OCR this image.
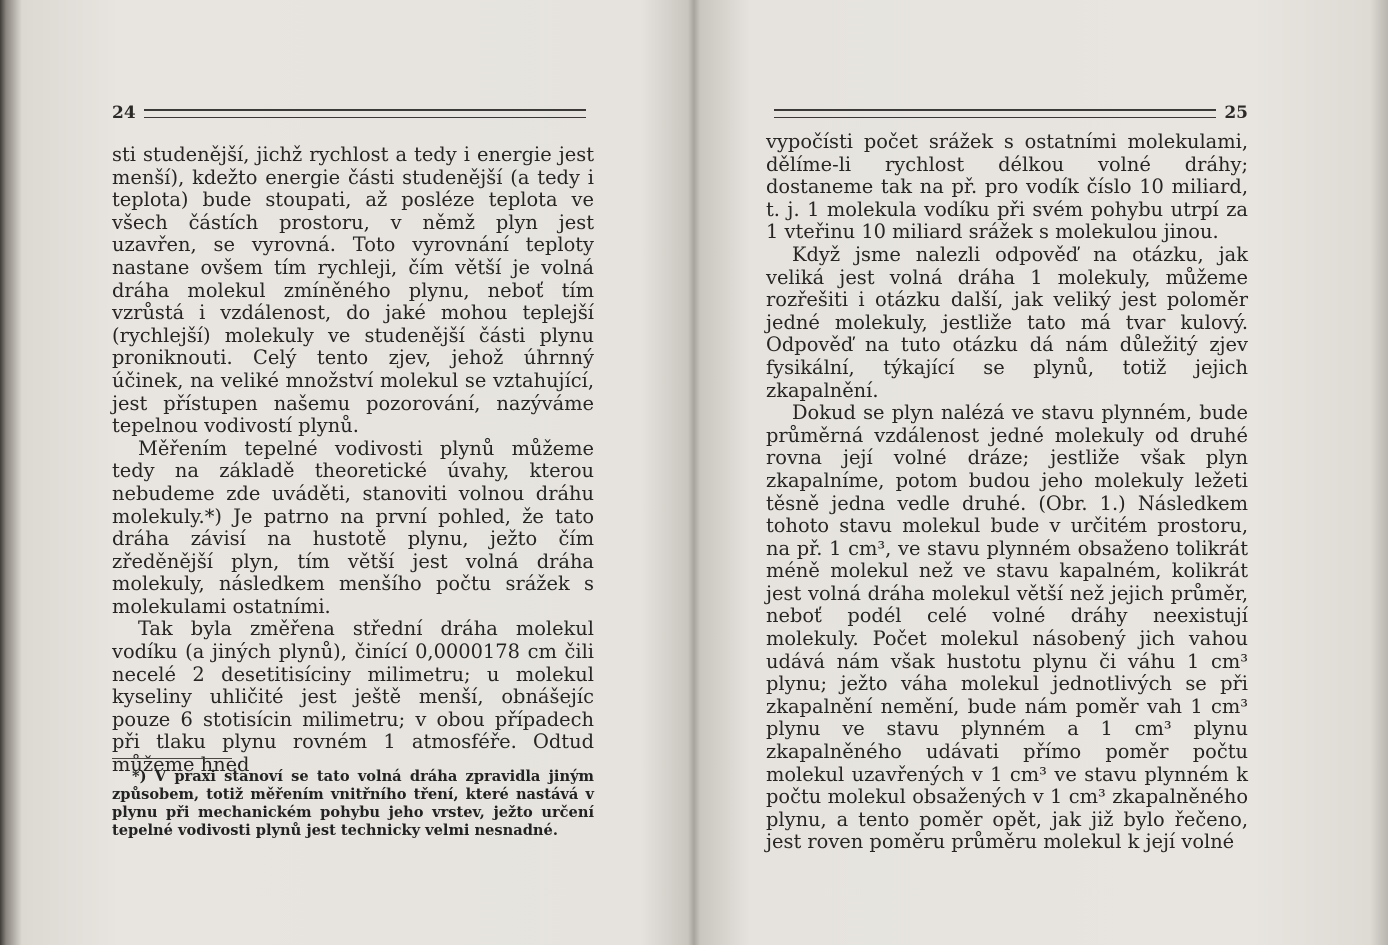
24

sti studenější, jichž rychlost a tedy i energie jest menší), kdežto energie části studenější (a tedy i teplota) bude stoupati, až posléze teplota ve všech částích prostoru, v němž plyn jest uzavřen, se vyrovná. Toto vyrovnání teploty nastane ovšem tím rychleji, čím větší je volná dráha molekul zmíněného plynu, neboť tím vzrůstá i vzdálenost, do jaké mohou teplejší (rychlejší) molekuly ve studenější části plynu proniknouti. Celý tento zjev, jehož úhrnný účinek, na veliké množství molekul se vztahující, jest přístupen našemu pozorování, nazýváme tepelnou vodivostí plynů.

Měřením tepelné vodivosti plynů můžeme tedy na základě theoretické úvahy, kterou nebudeme zde uváděti, stanoviti volnou dráhu molekuly.*) Je patrno na první pohled, že tato dráha závisí na hustotě plynu, ježto čím zředěnější plyn, tím větší jest volná dráha molekuly, následkem menšího počtu srážek s molekulami ostatními.

Tak byla změřena střední dráha molekul vodíku (a jiných plynů), činící 0,0000178 cm čili necelé 2 desetitisíciny milimetru; u molekul kyseliny uhličité jest ještě menší, obnášejíc pouze 6 stotisícin milimetru; v obou případech při tlaku plynu rovném 1 atmosféře. Odtud můžeme hned

*) V praxi stanoví se tato volná dráha zpravidla jiným způsobem, totiž měřením vnitřního tření, které nastává v plynu při mechanickém pohybu jeho vrstev, ježto určení tepelné vodivosti plynů jest technicky velmi nesnadné.

25

vypočísti počet srážek s ostatními molekulami, dělíme-li rychlost délkou volné dráhy; dostaneme tak na př. pro vodík číslo 10 miliard, t. j. 1 molekula vodíku při svém pohybu utrpí za 1 vteřinu 10 miliard srážek s molekulou jinou.

Když jsme nalezli odpověď na otázku, jak veliká jest volná dráha 1 molekuly, můžeme rozřešiti i otázku další, jak veliký jest poloměr jedné molekuly, jestliže tato má tvar kulový. Odpověď na tuto otázku dá nám důležitý zjev fysikální, týkající se plynů, totiž jejich zkapalnění.

Dokud se plyn nalézá ve stavu plynném, bude průměrná vzdálenost jedné molekuly od druhé rovna její volné dráze; jestliže však plyn zkapalníme, potom budou jeho molekuly ležeti těsně jedna vedle druhé. (Obr. 1.) Následkem tohoto stavu molekul bude v určitém prostoru, na př. 1 cm³, ve stavu plynném obsaženo tolikrát méně molekul než ve stavu kapalném, kolikrát jest volná dráha molekul větší než jejich průměr, neboť podél celé volné dráhy neexistují molekuly. Počet molekul násobený jich vahou udává nám však hustotu plynu či váhu 1 cm³ plynu; ježto váha molekul jednotlivých se při zkapalnění nemění, bude nám poměr vah 1 cm³ plynu ve stavu plynném a 1 cm³ plynu zkapalněného udávati přímo poměr počtu molekul uzavřených v 1 cm³ ve stavu plynném k počtu molekul obsažených v 1 cm³ zkapalněného plynu, a tento poměr opět, jak již bylo řečeno, jest roven poměru průměru molekul k její volné
